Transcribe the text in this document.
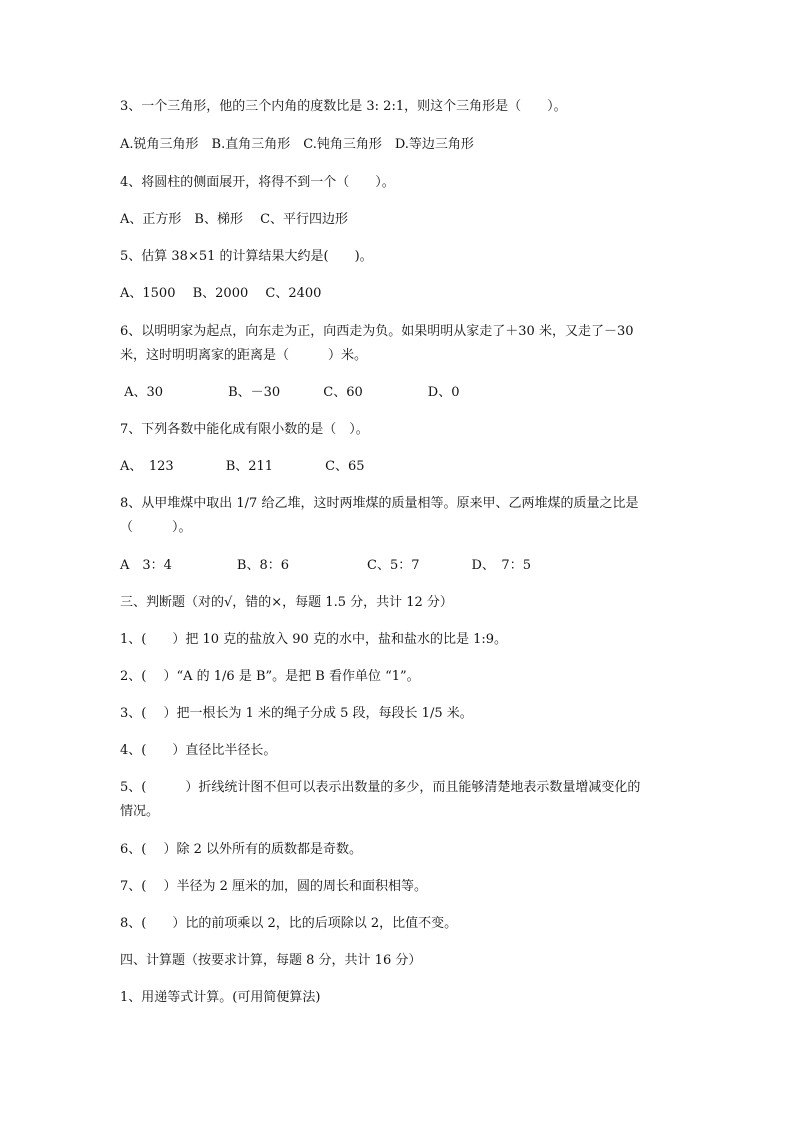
3、一个三角形，他的三个内角的度数比是 3: 2:1，则这个三角形是（　　）。

A.锐角三角形　B.直角三角形　C.钝角三角形　D.等边三角形

4、将圆柱的侧面展开，将得不到一个（　　）。

A、正方形　B、梯形　 C、平行四边形

5、估算 38×51 的计算结果大约是(　　)。

A、1500　 B、2000　 C、2400

6、以明明家为起点，向东走为正，向西走为负。如果明明从家走了＋30 米，又走了－30

米，这时明明离家的距离是（　　　）米。

A、30　　　　　B、－30　　　 C、60　　　　　D、0

7、下列各数中能化成有限小数的是（　）。

A、　123　　　　B、211　　　　C、65

8、从甲堆煤中取出 1/7 给乙堆，这时两堆煤的质量相等。原来甲、乙两堆煤的质量之比是

（　　　）。

A　3：4　　　　　B、8：6　　　　　　C、5：7　　　　D、　7：5

三、判断题（对的√，错的×，每题 1.5 分，共计 12 分）

1、(　　）把 10 克的盐放入 90 克的水中，盐和盐水的比是 1:9。

2、(　 ）“A 的 1/6 是 B”。是把 B 看作单位 “1”。

3、(　 ）把一根长为 1 米的绳子分成 5 段，每段长 1/5 米。

4、(　　）直径比半径长。

5、(　　　）折线统计图不但可以表示出数量的多少，而且能够清楚地表示数量增减变化的

情况。

6、(　 ）除 2 以外所有的质数都是奇数。

7、(　 ）半径为 2 厘米的加，圆的周长和面积相等。

8、(　　）比的前项乘以 2，比的后项除以 2，比值不变。

四、计算题（按要求计算，每题 8 分，共计 16 分）

1、用递等式计算。(可用简便算法)
